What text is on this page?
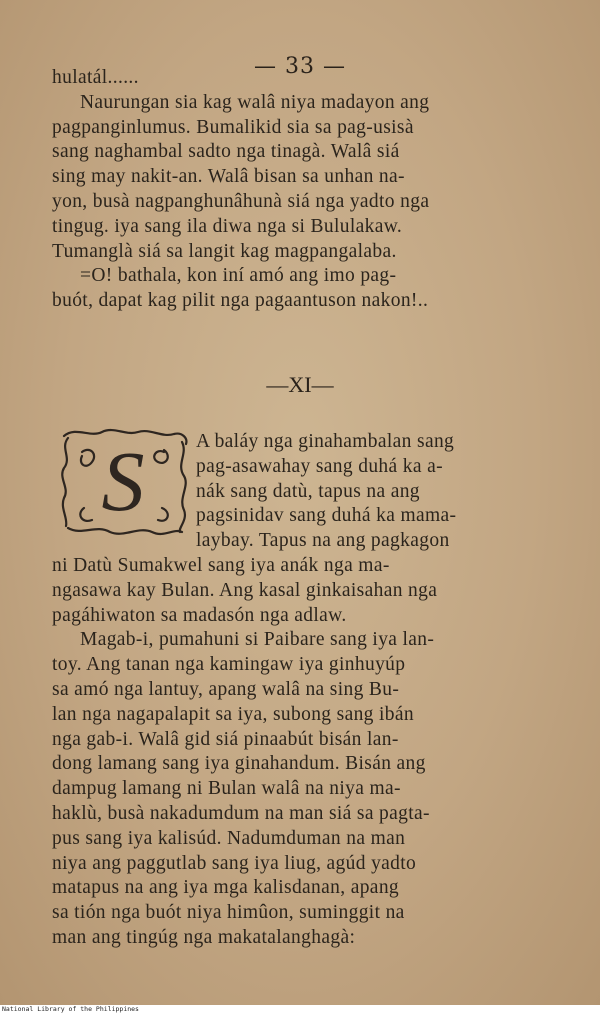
— 33 —
hulatál......
Naurungan sia kag walâ niya madayon ang
pagpanginlumus. Bumalikid sia sa pag-usisà
sang naghambal sadto nga tinagà. Walâ siá
sing may nakit-an. Walâ bisan sa unhan na-
yon, busà nagpanghunâhunà siá nga yadto nga
tingug. iya sang ila diwa nga si Bululakaw.
Tumanglà siá sa langit kag magpangalaba.
=O! bathala, kon iní amó ang imo pag-
buót, dapat kag pilit nga pagaantuson nakon!..
—XI—
S	A baláy nga ginahambalan sang
pag-asawahay sang duhá ka a-
nák sang datù, tapus na ang
pagsinidav sang duhá ka mama-
laybay. Tapus na ang pagkagon
ni Datù Sumakwel sang iya anák nga ma-
ngasawa kay Bulan. Ang kasal ginkaisahan nga
pagáhiwaton sa madasón nga adlaw.
Magab-i, pumahuni si Paibare sang iya lan-
toy. Ang tanan nga kamingaw iya ginhuyúp
sa amó nga lantuy, apang walâ na sing Bu-
lan nga nagapalapit sa iya, subong sang ibán
nga gab-i. Walâ gid siá pinaabút bisán lan-
dong lamang sang iya ginahandum. Bisán ang
dampug lamang ni Bulan walâ na niya ma-
haklù, busà nakadumdum na man siá sa pagta-
pus sang iya kalisúd. Nadumduman na man
niya ang paggutlab sang iya liug, agúd yadto
matapus na ang iya mga kalisdanan, apang
sa tión nga buót niya himûon, suminggit na
man ang tingúg nga makatalanghagà:
National Library of the Philippines
